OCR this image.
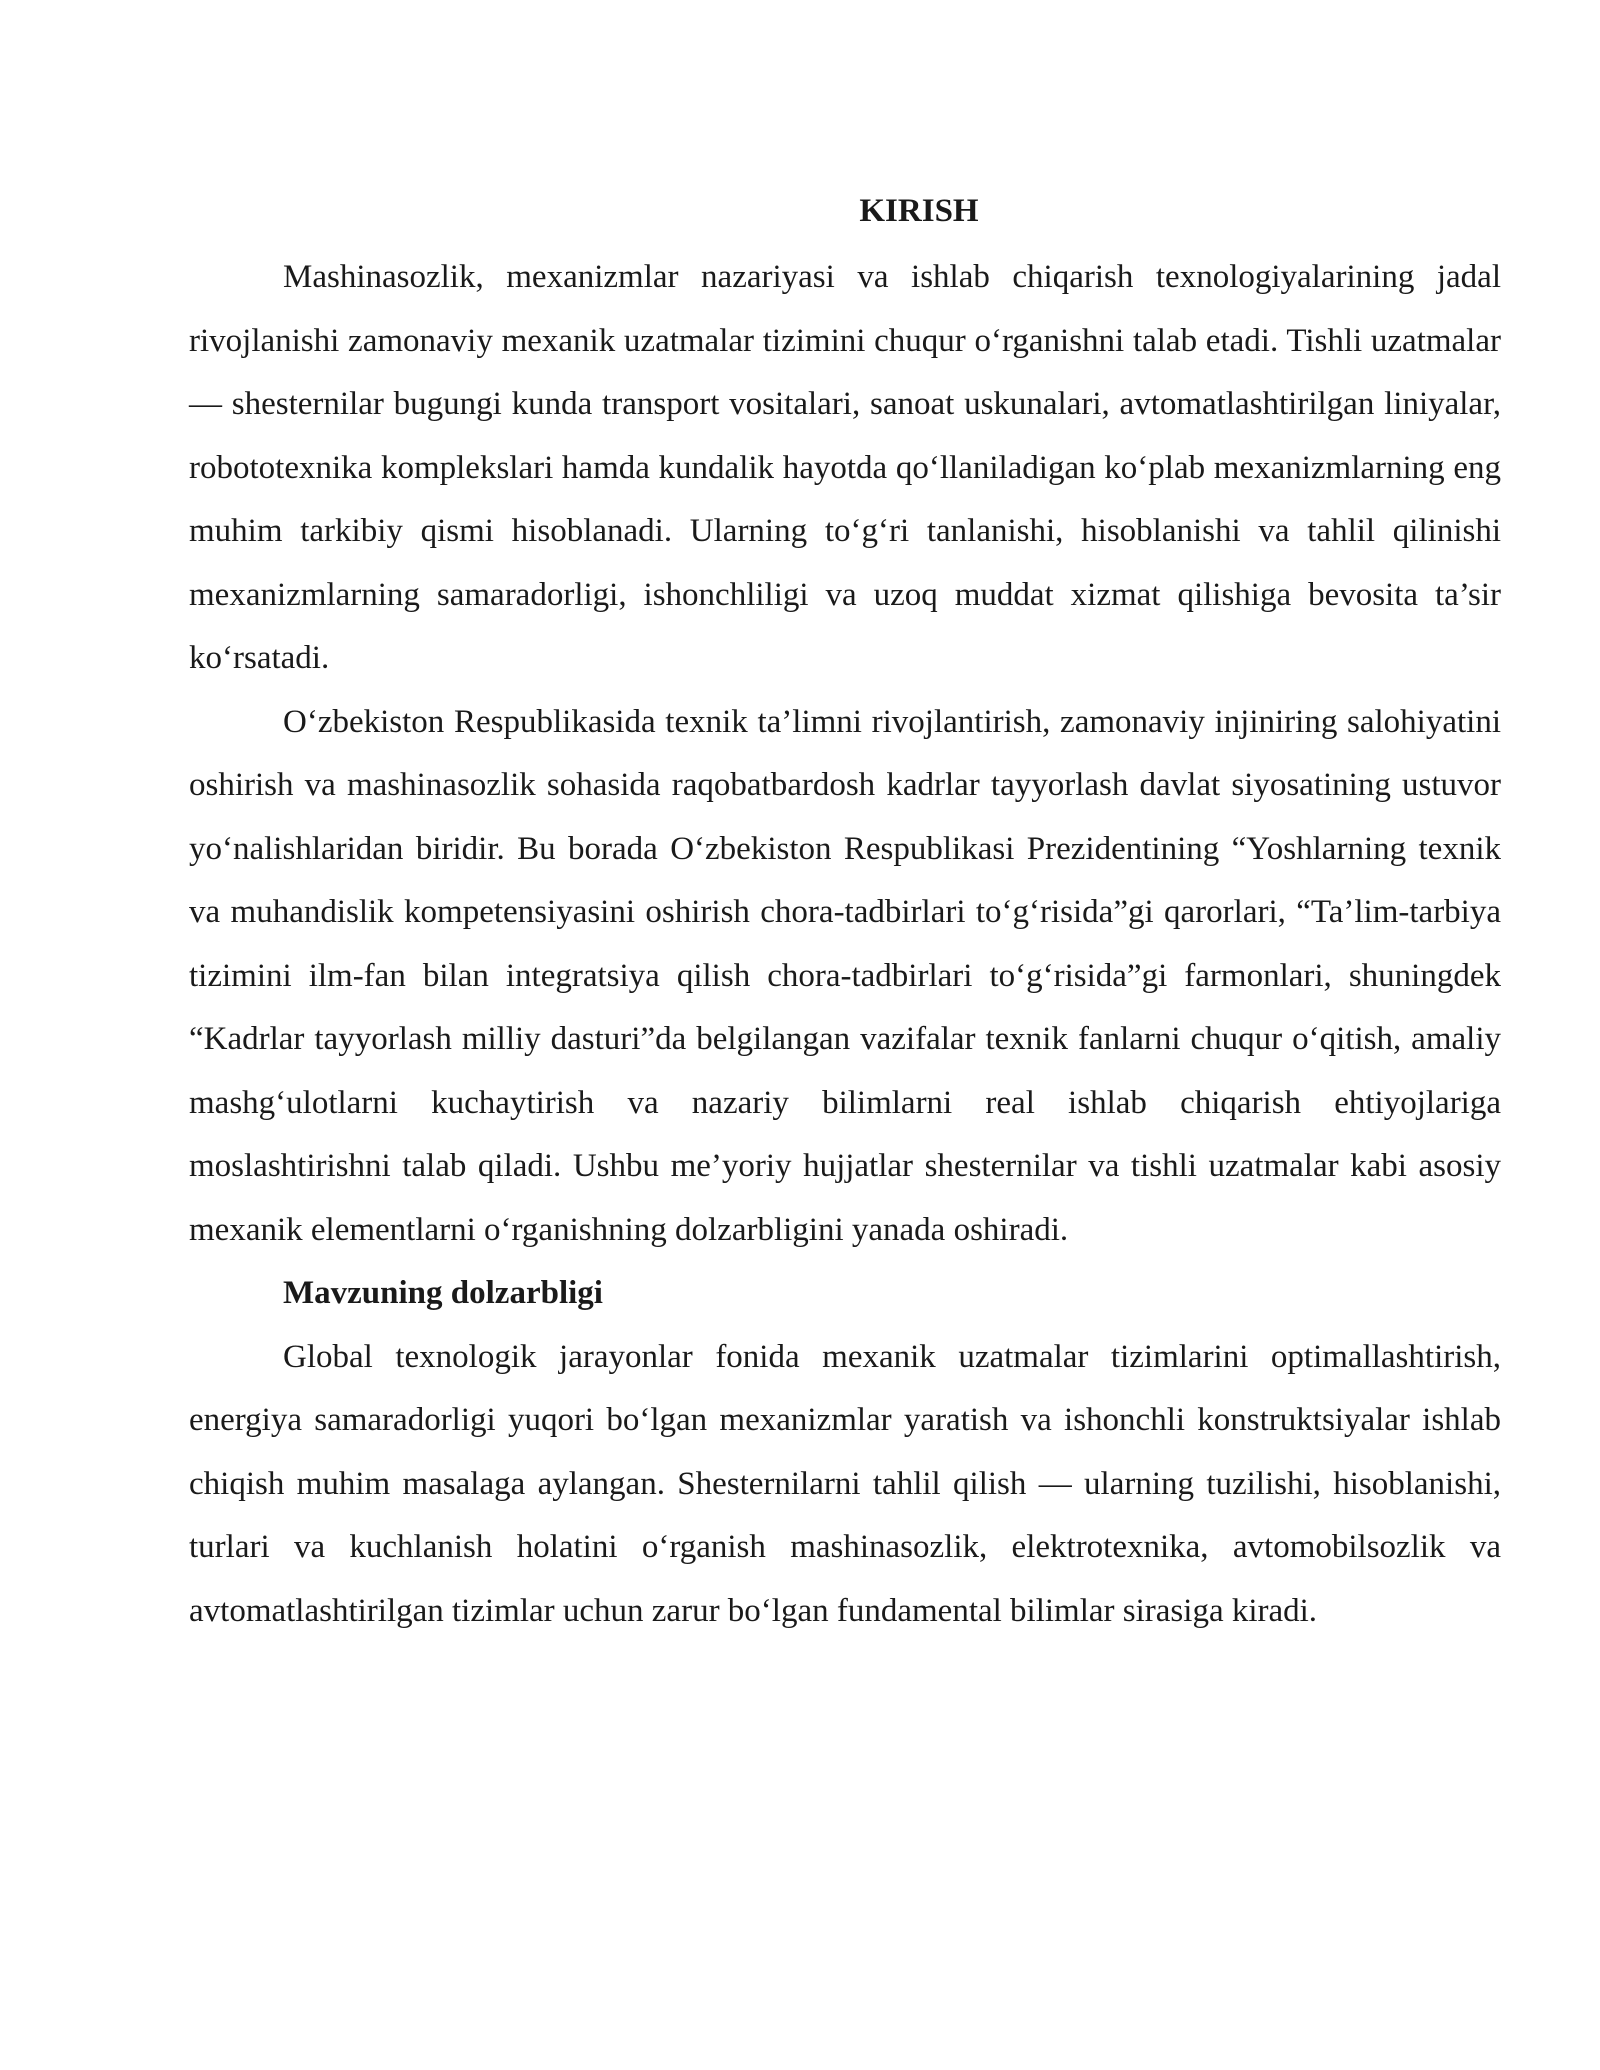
KIRISH

Mashinasozlik, mexanizmlar nazariyasi va ishlab chiqarish texnologiyalarining jadal rivojlanishi zamonaviy mexanik uzatmalar tizimini chuqur o‘rganishni talab etadi. Tishli uzatmalar — shesternilar bugungi kunda transport vositalari, sanoat uskunalari, avtomatlashtirilgan liniyalar, robototexnika komplekslari hamda kundalik hayotda qo‘llaniladigan ko‘plab mexanizmlarning eng muhim tarkibiy qismi hisoblanadi. Ularning to‘g‘ri tanlanishi, hisoblanishi va tahlil qilinishi mexanizmlarning samaradorligi, ishonchliligi va uzoq muddat xizmat qilishiga bevosita ta’sir ko‘rsatadi.

O‘zbekiston Respublikasida texnik ta’limni rivojlantirish, zamonaviy injiniring salohiyatini oshirish va mashinasozlik sohasida raqobatbardosh kadrlar tayyorlash davlat siyosatining ustuvor yo‘nalishlaridan biridir. Bu borada O‘zbekiston Respublikasi Prezidentining “Yoshlarning texnik va muhandislik kompetensiyasini oshirish chora-tadbirlari to‘g‘risida”gi qarorlari, “Ta’lim-tarbiya tizimini ilm-fan bilan integratsiya qilish chora-tadbirlari to‘g‘risida”gi farmonlari, shuningdek “Kadrlar tayyorlash milliy dasturi”da belgilangan vazifalar texnik fanlarni chuqur o‘qitish, amaliy mashg‘ulotlarni kuchaytirish va nazariy bilimlarni real ishlab chiqarish ehtiyojlariga moslashtirishni talab qiladi. Ushbu me’yoriy hujjatlar shesternilar va tishli uzatmalar kabi asosiy mexanik elementlarni o‘rganishning dolzarbligini yanada oshiradi.

Mavzuning dolzarbligi

Global texnologik jarayonlar fonida mexanik uzatmalar tizimlarini optimallashtirish, energiya samaradorligi yuqori bo‘lgan mexanizmlar yaratish va ishonchli konstruktsiyalar ishlab chiqish muhim masalaga aylangan. Shesternilarni tahlil qilish — ularning tuzilishi, hisoblanishi, turlari va kuchlanish holatini o‘rganish mashinasozlik, elektrotexnika, avtomobilsozlik va avtomatlashtirilgan tizimlar uchun zarur bo‘lgan fundamental bilimlar sirasiga kiradi.
